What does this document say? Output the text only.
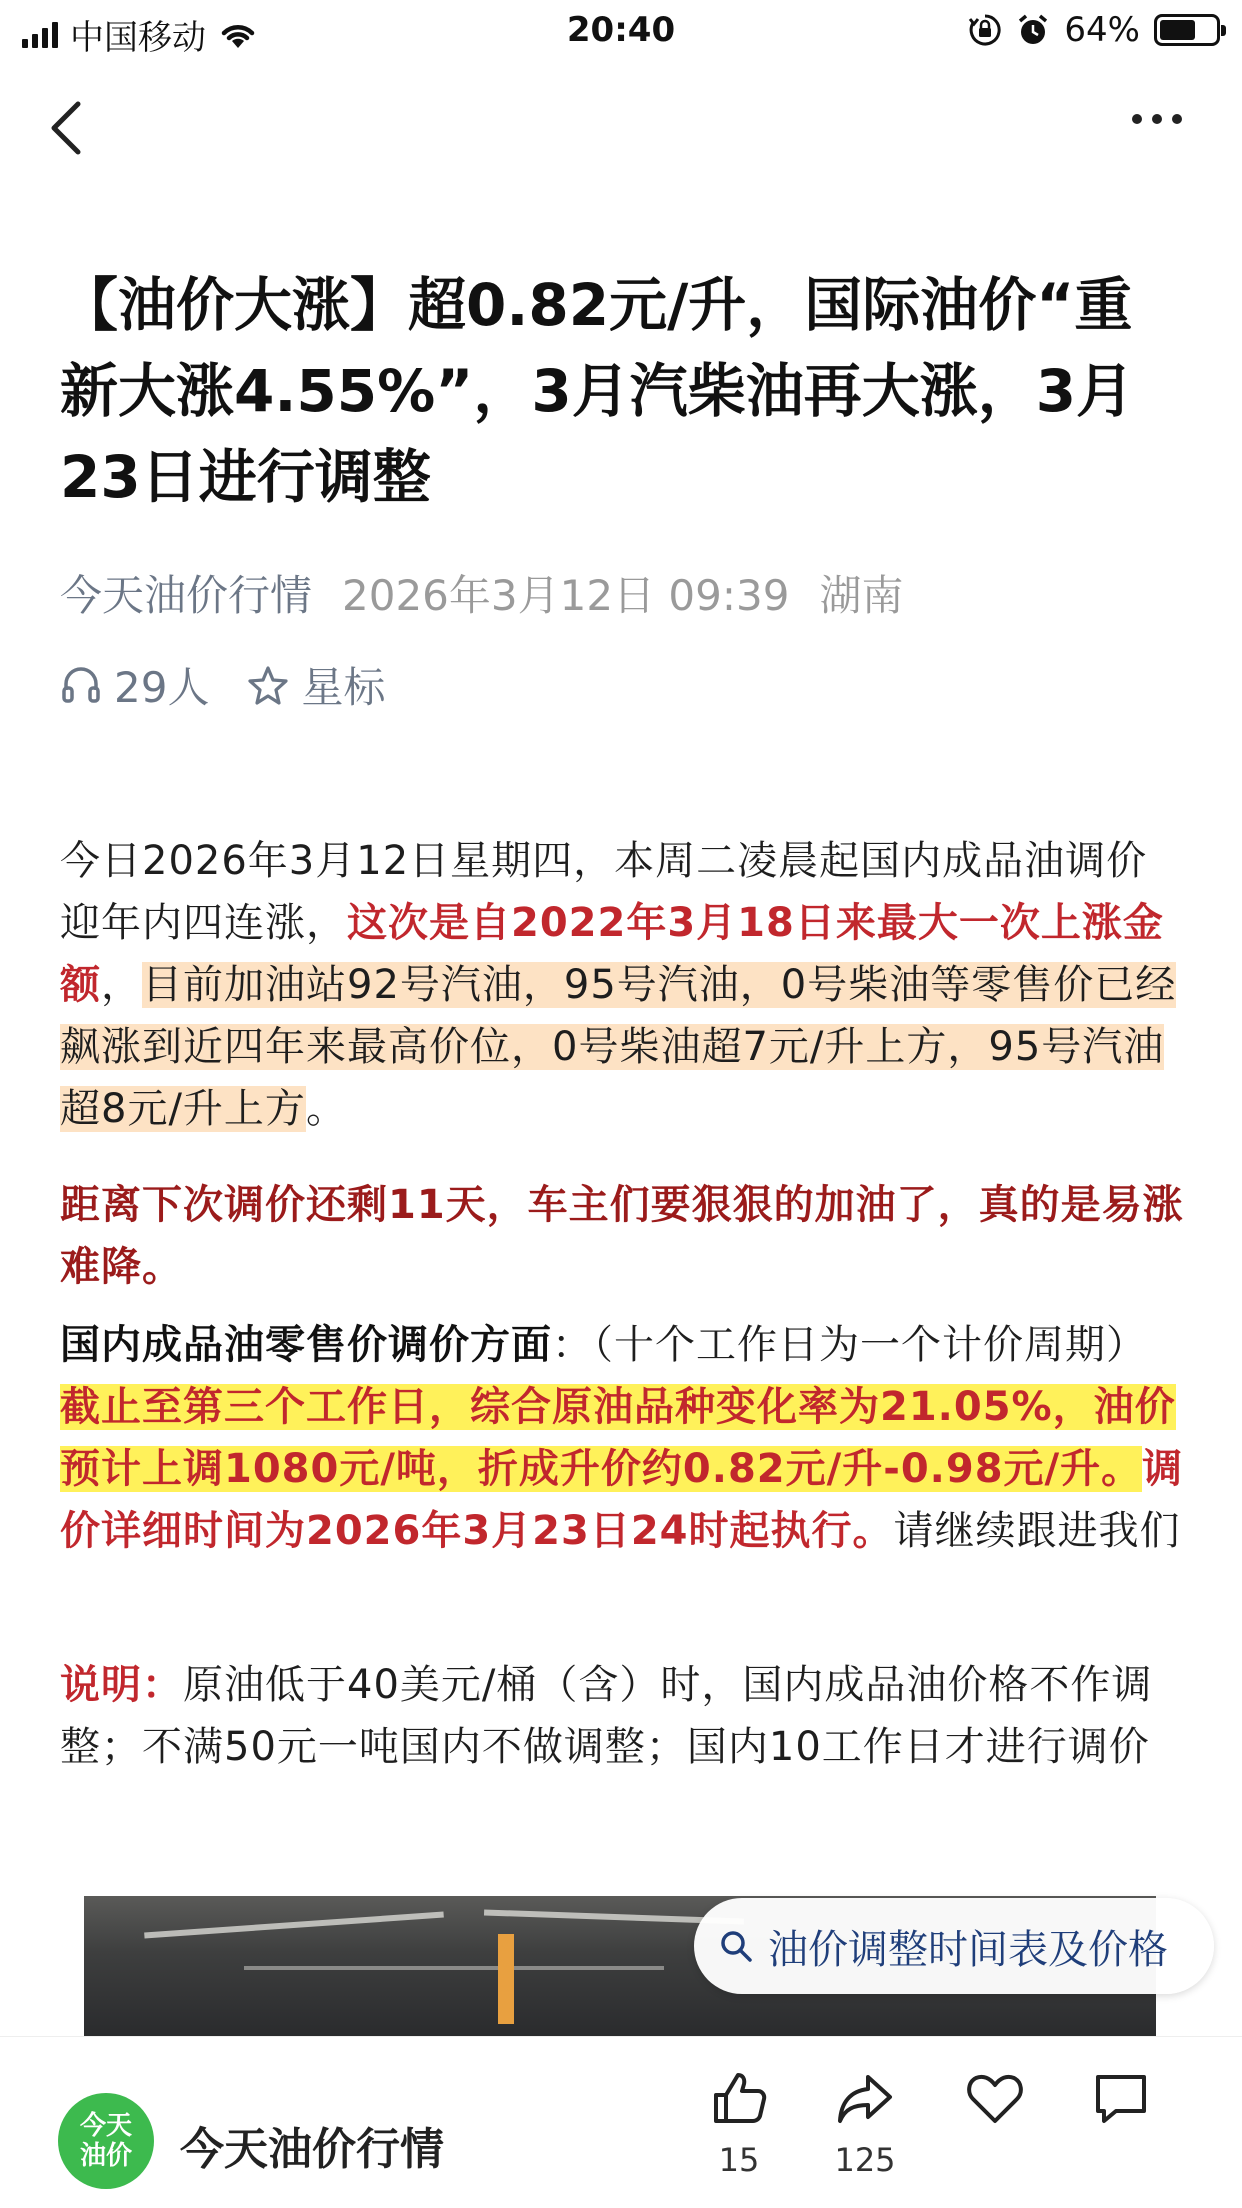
中国移动	20:40	64%
【油价大涨】超0.82元/升，国际油价“重新大涨4.55%”，3月汽柴油再大涨，3月23日进行调整
今天油价行情 2026年3月12日 09:39 湖南
29人 星标

今日2026年3月12日星期四，本周二凌晨起国内成品油调价迎年内四连涨，这次是自2022年3月18日来最大一次上涨金额，目前加油站92号汽油，95号汽油，0号柴油等零售价已经飙涨到近四年来最高价位，0号柴油超7元/升上方，95号汽油超8元/升上方。

距离下次调价还剩11天，车主们要狠狠的加油了，真的是易涨难降。

国内成品油零售价调价方面：（十个工作日为一个计价周期）截止至第三个工作日，综合原油品种变化率为21.05%，油价预计上调1080元/吨，折成升价约0.82元/升-0.98元/升。调价详细时间为2026年3月23日24时起执行。请继续跟进我们

说明：原油低于40美元/桶（含）时，国内成品油价格不作调整；不满50元一吨国内不做调整；国内10工作日才进行调价

油价调整时间表及价格
今天
油价 今天油价行情	15	125
